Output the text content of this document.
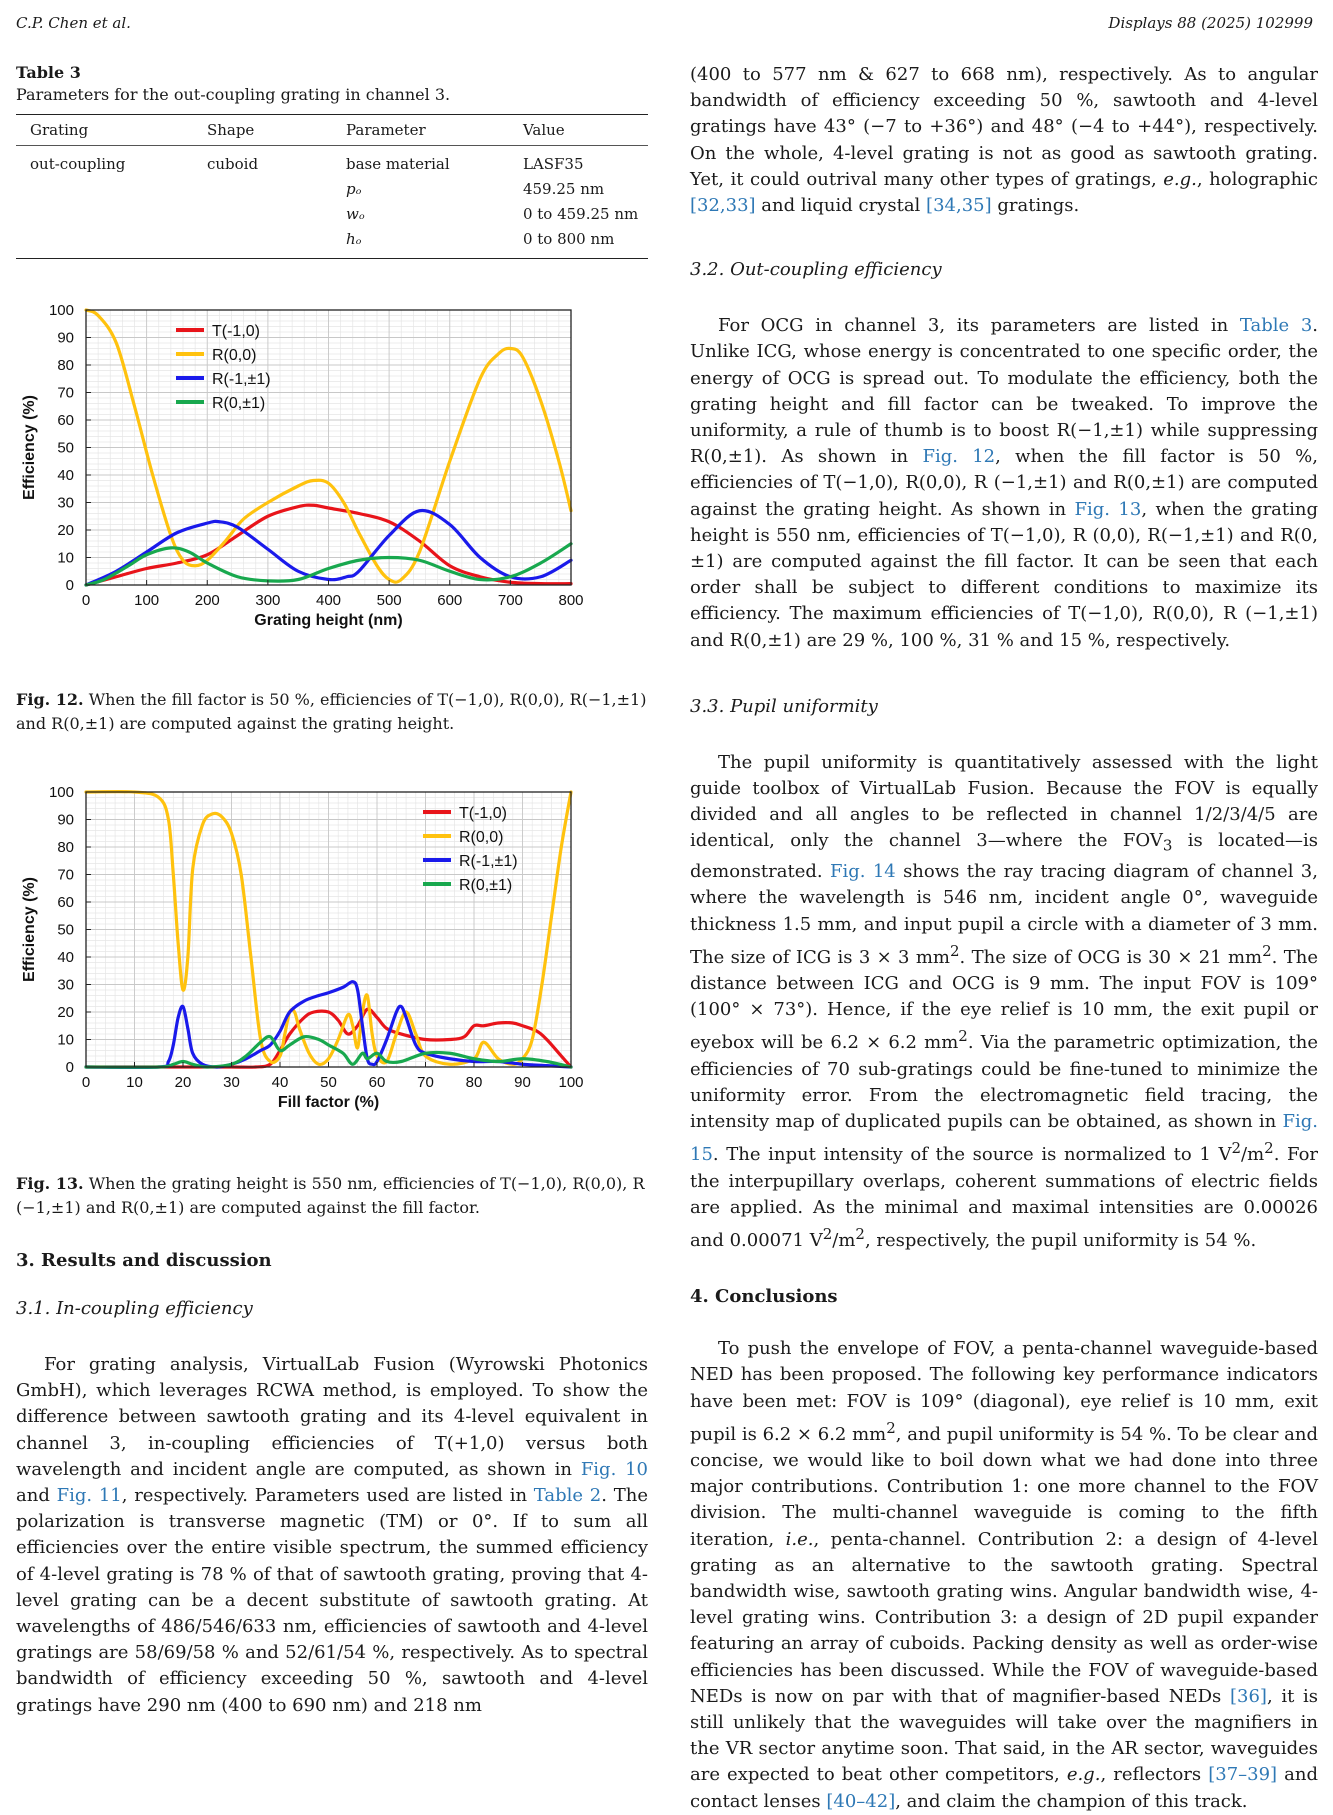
C.P. Chen et al.	Displays 88 (2025) 102999
Table 3
Parameters for the out-coupling grating in channel 3.
Grating	Shape	Parameter	Value
out-coupling	cuboid	base material	LASF35
		pₒ	459.25 nm
		wₒ	0 to 459.25 nm
		hₒ	0 to 800 nm
0	100 200 300 400 500 600 700 800
0
10
20
30
40
50
60
70
80
90
100
Grating height (nm)
Efficiency (%)
T(-1,0)
R(0,0)
R(-1,±1)
R(0,±1)
Fig. 12. When the fill factor is 50 %, efficiencies of T(−1,0), R(0,0), R(−1,±1) and R(0,±1) are computed against the grating height.
0 10 20 30 40 50 60 70 80 90 100
0
10
20
30
40
50
60
70
80
90
100
Fill factor (%)
Efficiency (%)
T(-1,0)
R(0,0)
R(-1,±1)
R(0,±1)
Fig. 13. When the grating height is 550 nm, efficiencies of T(−1,0), R(0,0), R (−1,±1) and R(0,±1) are computed against the fill factor.
3. Results and discussion
3.1. In-coupling efficiency

For grating analysis, VirtualLab Fusion (Wyrowski Photonics GmbH), which leverages RCWA method, is employed. To show the difference between sawtooth grating and its 4-level equivalent in channel 3, in-coupling efficiencies of T(+1,0) versus both wavelength and incident angle are computed, as shown in Fig. 10 and Fig. 11, respectively. Parameters used are listed in Table 2. The polarization is transverse magnetic (TM) or 0°. If to sum all efficiencies over the entire visible spectrum, the summed efficiency of 4-level grating is 78 % of that of sawtooth grating, proving that 4-level grating can be a decent substitute of sawtooth grating. At wavelengths of 486/546/633 nm, efficiencies of sawtooth and 4-level gratings are 58/69/58 % and 52/61/54 %, respectively. As to spectral bandwidth of efficiency exceeding 50 %, sawtooth and 4-level gratings have 290 nm (400 to 690 nm) and 218 nm

(400 to 577 nm & 627 to 668 nm), respectively. As to angular bandwidth of efficiency exceeding 50 %, sawtooth and 4-level gratings have 43° (−7 to +36°) and 48° (−4 to +44°), respectively. On the whole, 4-level grating is not as good as sawtooth grating. Yet, it could outrival many other types of gratings, e.g., holographic [32,33] and liquid crystal [34,35] gratings.

3.2. Out-coupling efficiency

For OCG in channel 3, its parameters are listed in Table 3. Unlike ICG, whose energy is concentrated to one specific order, the energy of OCG is spread out. To modulate the efficiency, both the grating height and fill factor can be tweaked. To improve the uniformity, a rule of thumb is to boost R(−1,±1) while suppressing R(0,±1). As shown in Fig. 12, when the fill factor is 50 %, efficiencies of T(−1,0), R(0,0), R (−1,±1) and R(0,±1) are computed against the grating height. As shown in Fig. 13, when the grating height is 550 nm, efficiencies of T(−1,0), R (0,0), R(−1,±1) and R(0,±1) are computed against the fill factor. It can be seen that each order shall be subject to different conditions to maximize its efficiency. The maximum efficiencies of T(−1,0), R(0,0), R (−1,±1) and R(0,±1) are 29 %, 100 %, 31 % and 15 %, respectively.

3.3. Pupil uniformity

The pupil uniformity is quantitatively assessed with the light guide toolbox of VirtualLab Fusion. Because the FOV is equally divided and all angles to be reflected in channel 1/2/3/4/5 are identical, only the channel 3—where the $FOV_3$ is located—is demonstrated. Fig. 14 shows the ray tracing diagram of channel 3, where the wavelength is 546 nm, incident angle 0°, waveguide thickness 1.5 mm, and input pupil a circle with a diameter of 3 mm. The size of ICG is 3 × 3 $mm^2$. The size of OCG is 30 × 21 $mm^2$. The distance between ICG and OCG is 9 mm. The input FOV is 109° (100° × 73°). Hence, if the eye relief is 10 mm, the exit pupil or eyebox will be 6.2 × 6.2 $mm^2$. Via the parametric optimization, the efficiencies of 70 sub-gratings could be fine-tuned to minimize the uniformity error. From the electromagnetic field tracing, the intensity map of duplicated pupils can be obtained, as shown in Fig. 15. The input intensity of the source is normalized to 1 $V^2/m^2$. For the interpupillary overlaps, coherent summations of electric fields are applied. As the minimal and maximal intensities are 0.00026 and 0.00071 $V^2/m^2$, respectively, the pupil uniformity is 54 %.

4. Conclusions

To push the envelope of FOV, a penta-channel waveguide-based NED has been proposed. The following key performance indicators have been met: FOV is 109° (diagonal), eye relief is 10 mm, exit pupil is 6.2 × 6.2 $mm^2$, and pupil uniformity is 54 %. To be clear and concise, we would like to boil down what we had done into three major contributions. Contribution 1: one more channel to the FOV division. The multi-channel waveguide is coming to the fifth iteration, i.e., penta-channel. Contribution 2: a design of 4-level grating as an alternative to the sawtooth grating. Spectral bandwidth wise, sawtooth grating wins. Angular bandwidth wise, 4-level grating wins. Contribution 3: a design of 2D pupil expander featuring an array of cuboids. Packing density as well as order-wise efficiencies has been discussed. While the FOV of waveguide-based NEDs is now on par with that of magnifier-based NEDs [36], it is still unlikely that the waveguides will take over the magnifiers in the VR sector anytime soon. That said, in the AR sector, waveguides are expected to beat other competitors, e.g., reflectors [37–39] and contact lenses [40–42], and claim the champion of this track.
